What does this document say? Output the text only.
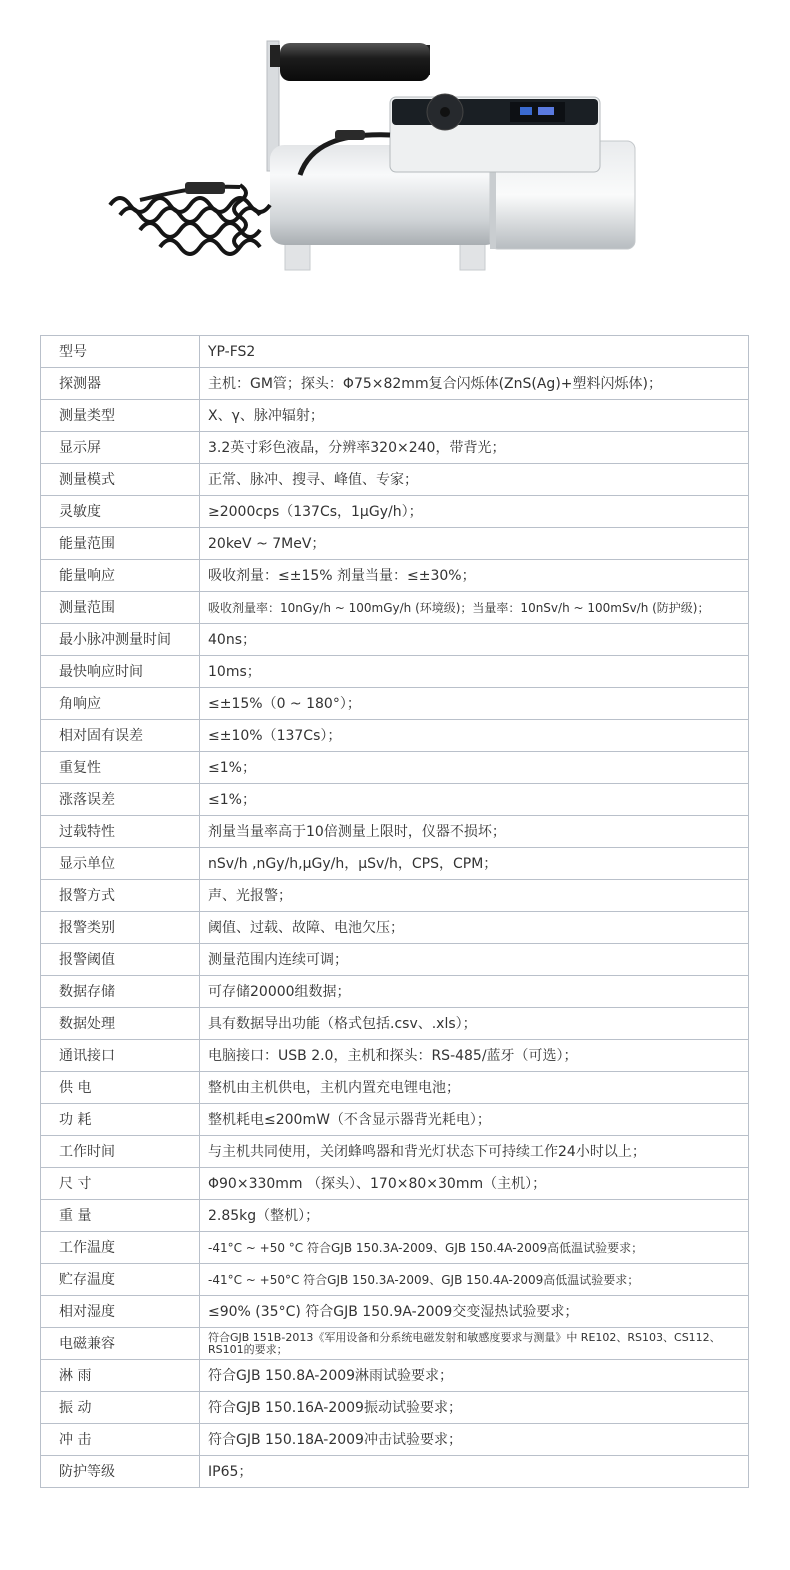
型号	YP-FS2
探测器	主机：GM管；探头：Φ75×82mm复合闪烁体(ZnS(Ag)+塑料闪烁体)；
测量类型	X、γ、脉冲辐射；
显示屏	3.2英寸彩色液晶，分辨率320×240，带背光；
测量模式	正常、脉冲、搜寻、峰值、专家；
灵敏度	≥2000cps（137Cs，1μGy/h）；
能量范围	20keV ~ 7MeV；
能量响应	吸收剂量：≤±15% 剂量当量：≤±30%；
测量范围	吸收剂量率：10nGy/h ~ 100mGy/h (环境级)；当量率：10nSv/h ~ 100mSv/h (防护级)；
最小脉冲测量时间	40ns；
最快响应时间	10ms；
角响应	≤±15%（0 ~ 180°）；
相对固有误差	≤±10%（137Cs）；
重复性	≤1%；
涨落误差	≤1%；
过载特性	剂量当量率高于10倍测量上限时，仪器不损坏；
显示单位	nSv/h ,nGy/h,μGy/h，μSv/h，CPS，CPM；
报警方式	声、光报警；
报警类别	阈值、过载、故障、电池欠压；
报警阈值	测量范围内连续可调；
数据存储	可存储20000组数据；
数据处理	具有数据导出功能（格式包括.csv、.xls）；
通讯接口	电脑接口：USB 2.0，主机和探头：RS-485/蓝牙（可选）；
供 电	整机由主机供电，主机内置充电锂电池；
功 耗	整机耗电≤200mW（不含显示器背光耗电）；
工作时间	与主机共同使用，关闭蜂鸣器和背光灯状态下可持续工作24小时以上；
尺 寸	Φ90×330mm （探头）、170×80×30mm（主机）；
重 量	2.85kg（整机）；
工作温度	-41°C ~ +50 °C 符合GJB 150.3A-2009、GJB 150.4A-2009高低温试验要求；
贮存温度	-41°C ~ +50°C 符合GJB 150.3A-2009、GJB 150.4A-2009高低温试验要求；
相对湿度	≤90% (35°C) 符合GJB 150.9A-2009交变湿热试验要求；
电磁兼容	符合GJB 151B-2013《军用设备和分系统电磁发射和敏感度要求与测量》中 RE102、RS103、CS112、RS101的要求；
淋 雨	符合GJB 150.8A-2009淋雨试验要求；
振 动	符合GJB 150.16A-2009振动试验要求；
冲 击	符合GJB 150.18A-2009冲击试验要求；
防护等级	IP65；
